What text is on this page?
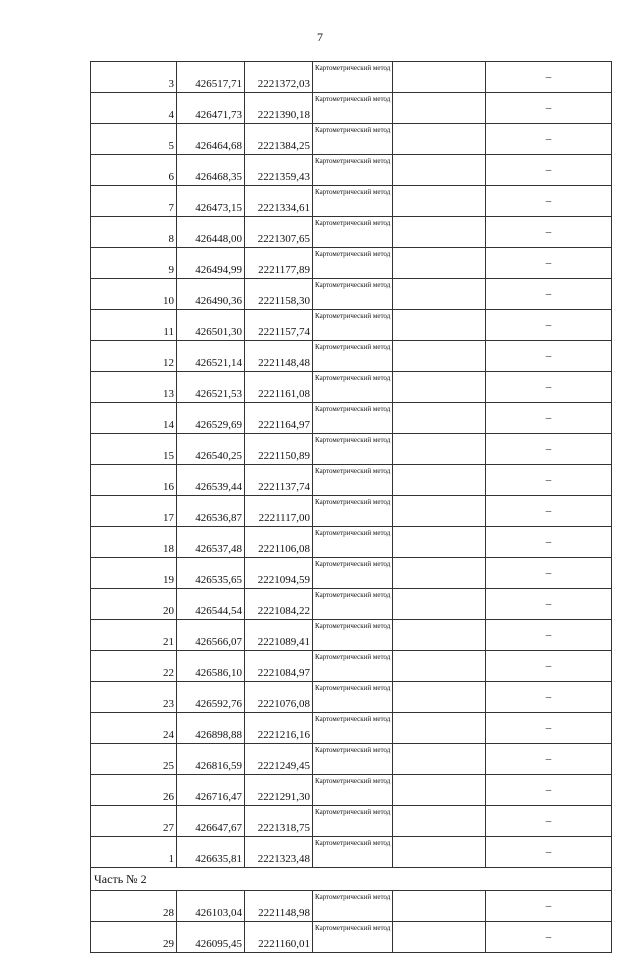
7
3	426517,71	2221372,03	Картометрический метод		–
4	426471,73	2221390,18	Картометрический метод		–
5	426464,68	2221384,25	Картометрический метод		–
6	426468,35	2221359,43	Картометрический метод		–
7	426473,15	2221334,61	Картометрический метод		–
8	426448,00	2221307,65	Картометрический метод		–
9	426494,99	2221177,89	Картометрический метод		–
10	426490,36	2221158,30	Картометрический метод		–
11	426501,30	2221157,74	Картометрический метод		–
12	426521,14	2221148,48	Картометрический метод		–
13	426521,53	2221161,08	Картометрический метод		–
14	426529,69	2221164,97	Картометрический метод		–
15	426540,25	2221150,89	Картометрический метод		–
16	426539,44	2221137,74	Картометрический метод		–
17	426536,87	2221117,00	Картометрический метод		–
18	426537,48	2221106,08	Картометрический метод		–
19	426535,65	2221094,59	Картометрический метод		–
20	426544,54	2221084,22	Картометрический метод		–
21	426566,07	2221089,41	Картометрический метод		–
22	426586,10	2221084,97	Картометрический метод		–
23	426592,76	2221076,08	Картометрический метод		–
24	426898,88	2221216,16	Картометрический метод		–
25	426816,59	2221249,45	Картометрический метод		–
26	426716,47	2221291,30	Картометрический метод		–
27	426647,67	2221318,75	Картометрический метод		–
1	426635,81	2221323,48	Картометрический метод		–
Часть № 2					
28	426103,04	2221148,98	Картометрический метод		–
29	426095,45	2221160,01	Картометрический метод		–
